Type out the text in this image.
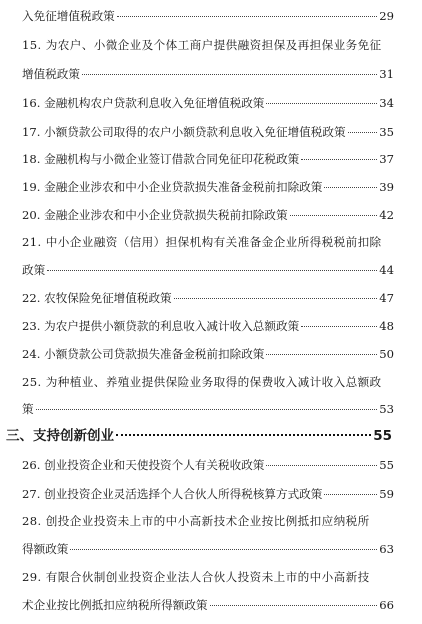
入免征增值税政策	29
15. 为农户、小微企业及个体工商户提供融资担保及再担保业务免征
增值税政策	31
16. 金融机构农户贷款利息收入免征增值税政策	34
17. 小额贷款公司取得的农户小额贷款利息收入免征增值税政策	35
18. 金融机构与小微企业签订借款合同免征印花税政策	37
19. 金融企业涉农和中小企业贷款损失准备金税前扣除政策	39
20. 金融企业涉农和中小企业贷款损失税前扣除政策	42
21. 中小企业融资（信用）担保机构有关准备金企业所得税税前扣除
政策	44
22. 农牧保险免征增值税政策	47
23. 为农户提供小额贷款的利息收入减计收入总额政策	48
24. 小额贷款公司贷款损失准备金税前扣除政策	50
25. 为种植业、养殖业提供保险业务取得的保费收入减计收入总额政
策	53
三、支持创新创业	55
26. 创业投资企业和天使投资个人有关税收政策	55
27. 创业投资企业灵活选择个人合伙人所得税核算方式政策	59
28. 创投企业投资未上市的中小高新技术企业按比例抵扣应纳税所
得额政策	63
29. 有限合伙制创业投资企业法人合伙人投资未上市的中小高新技
术企业按比例抵扣应纳税所得额政策	66
